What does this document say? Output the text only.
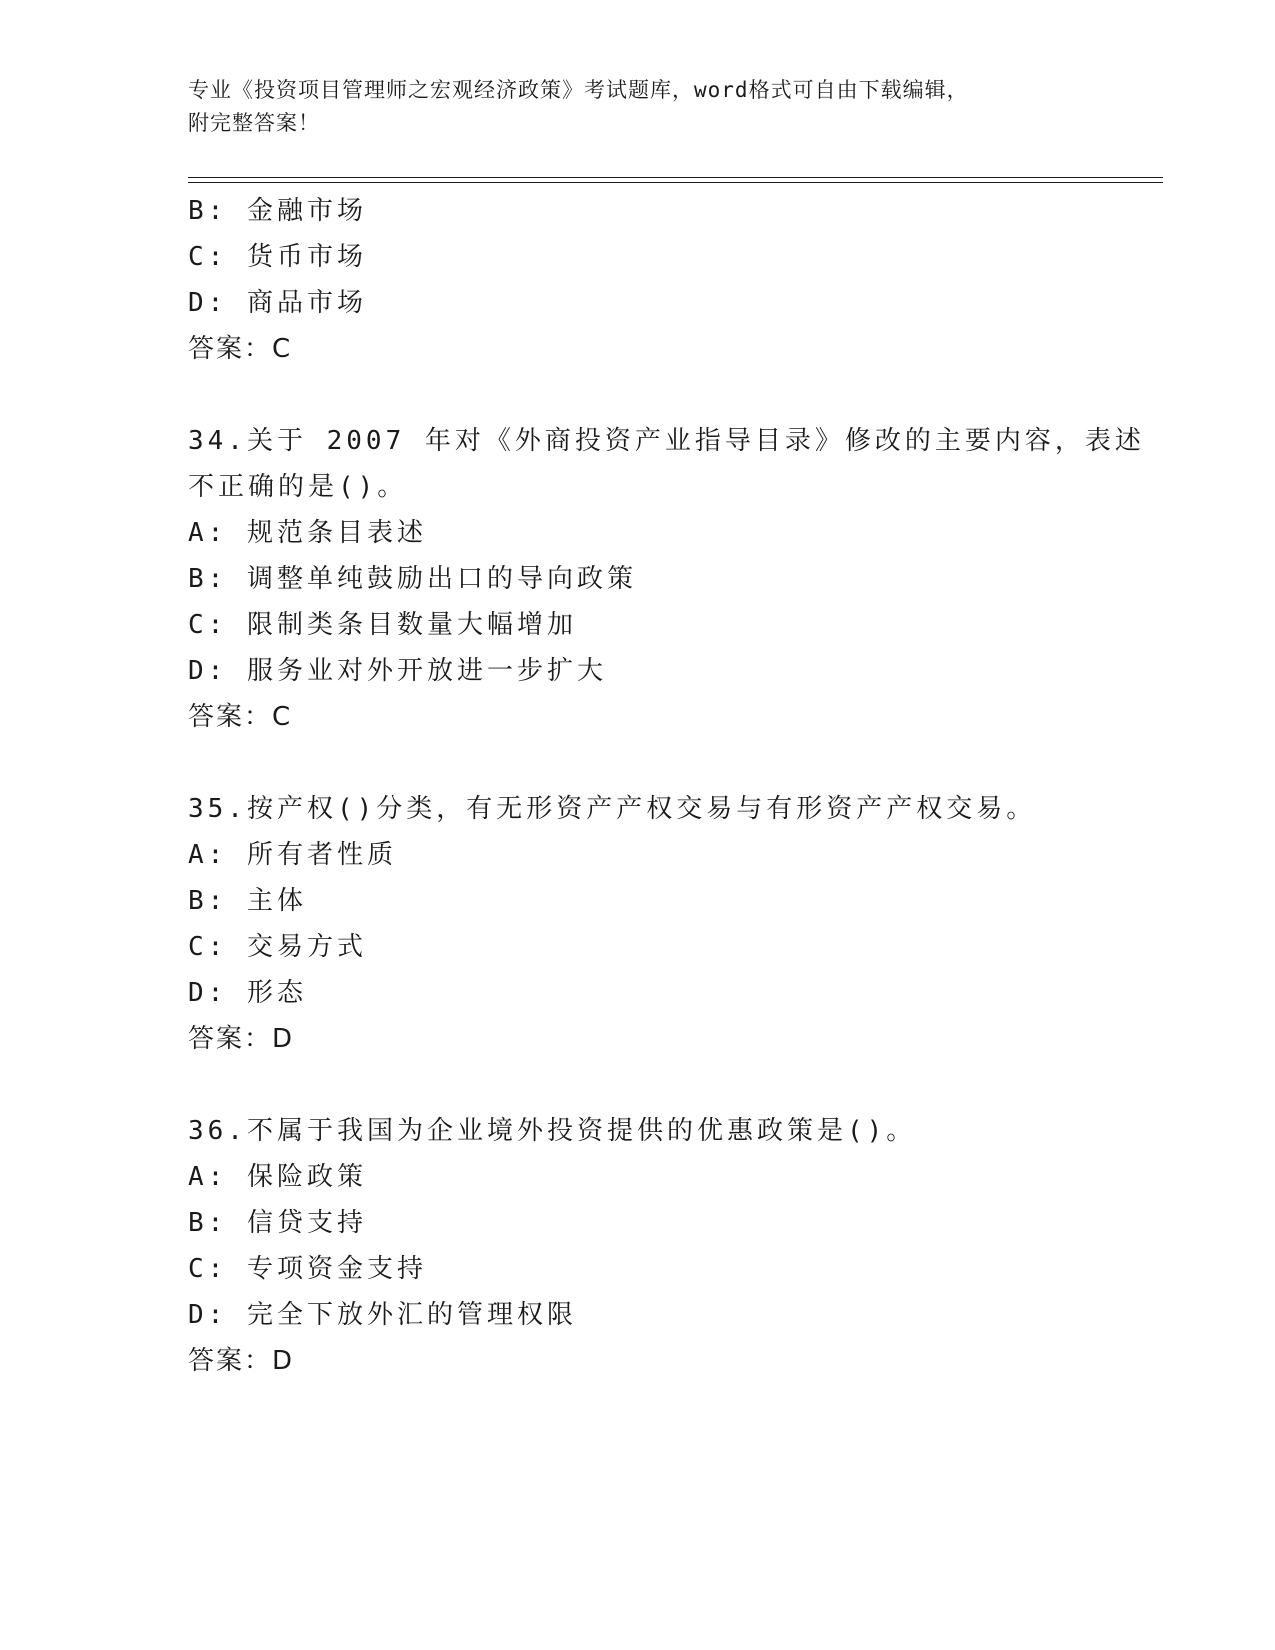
专业《投资项目管理师之宏观经济政策》考试题库，word格式可自由下载编辑，
附完整答案！
B: 金融市场
C: 货币市场
D: 商品市场
答案：C
34.关于 2007 年对《外商投资产业指导目录》修改的主要内容，表述
不正确的是()。
A: 规范条目表述
B: 调整单纯鼓励出口的导向政策
C: 限制类条目数量大幅增加
D: 服务业对外开放进一步扩大
答案：C
35.按产权()分类，有无形资产产权交易与有形资产产权交易。
A: 所有者性质
B: 主体
C: 交易方式
D: 形态
答案：D
36.不属于我国为企业境外投资提供的优惠政策是()。
A: 保险政策
B: 信贷支持
C: 专项资金支持
D: 完全下放外汇的管理权限
答案：D
